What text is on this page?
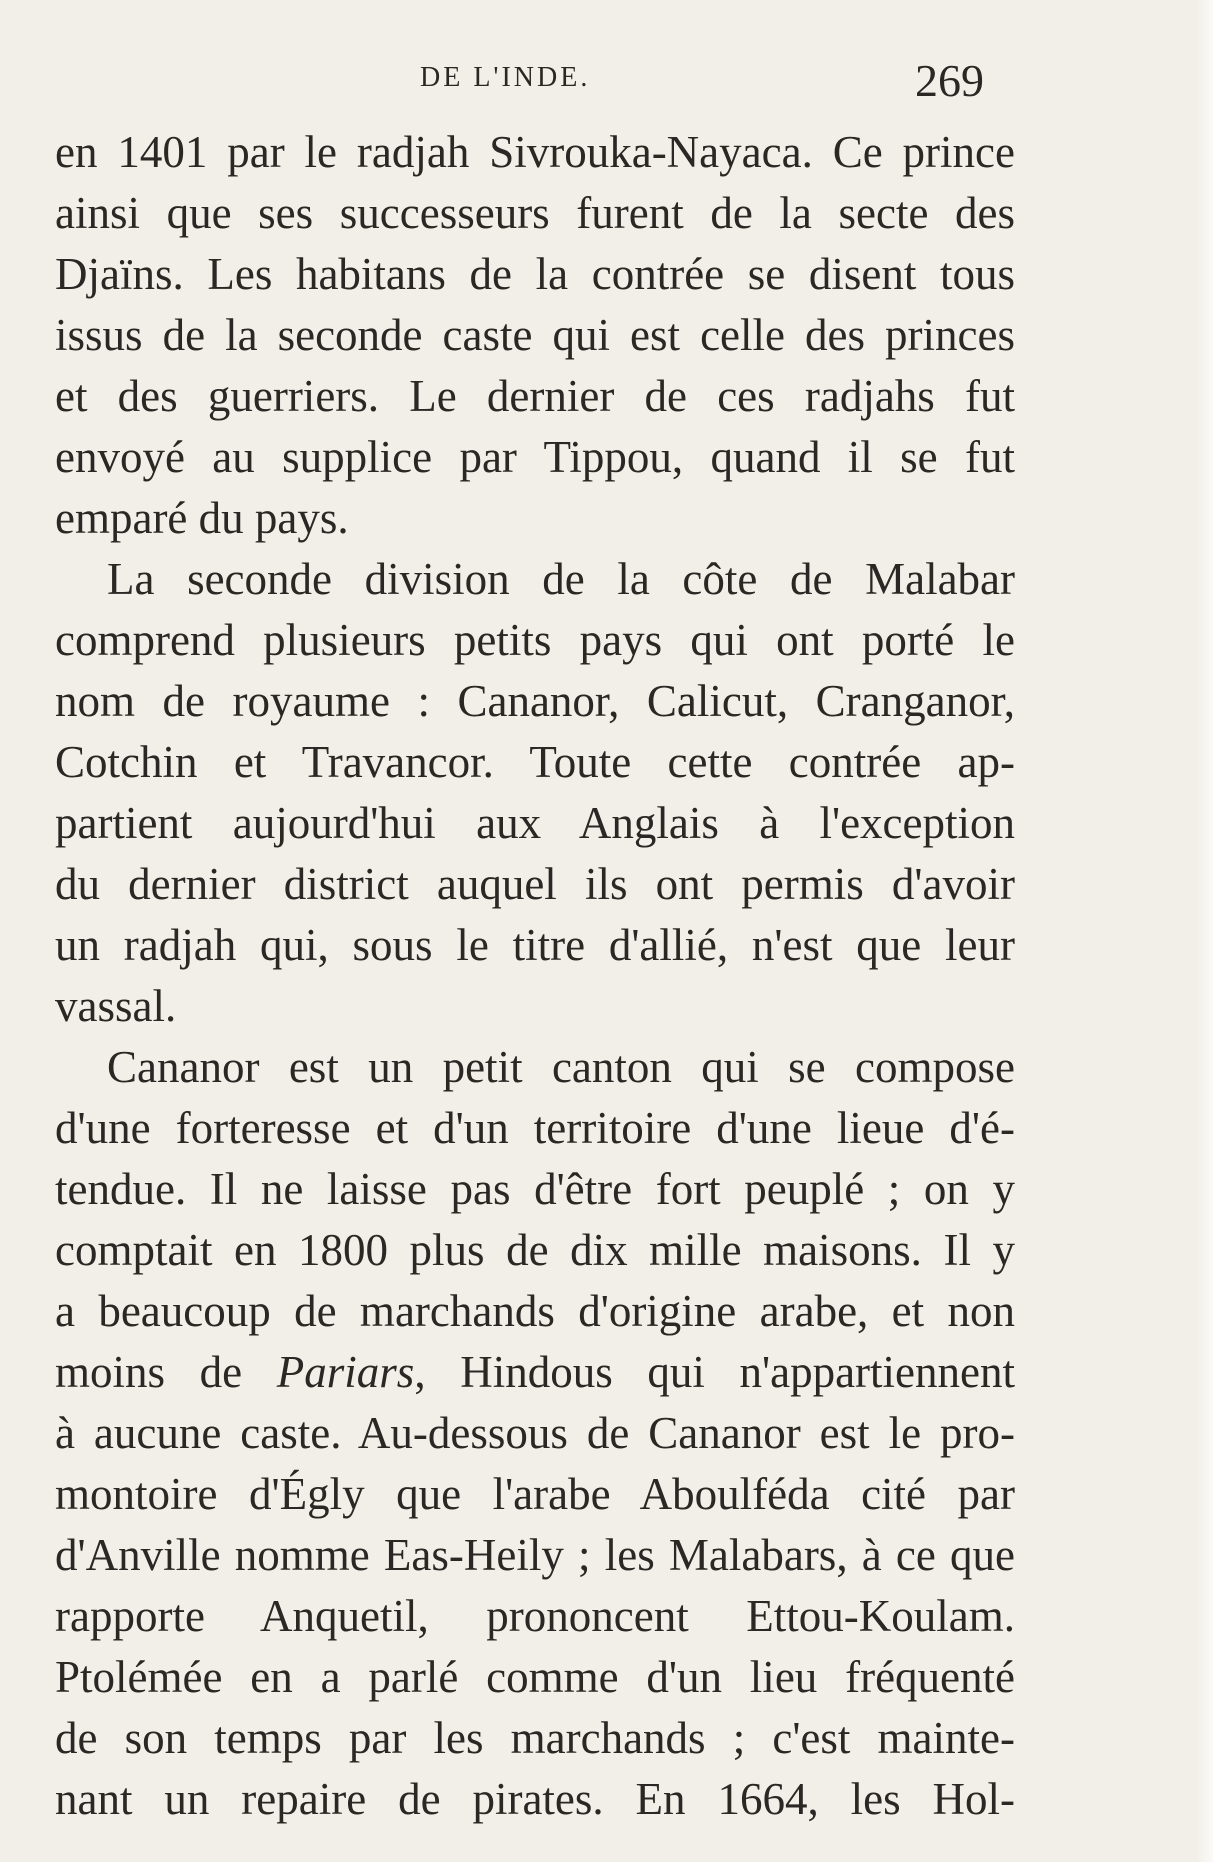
DE L'INDE.	269
en 1401 par le radjah Sivrouka-Nayaca. Ce prince
ainsi que ses successeurs furent de la secte des
Djaïns. Les habitans de la contrée se disent tous
issus de la seconde caste qui est celle des princes
et des guerriers. Le dernier de ces radjahs fut
envoyé au supplice par Tippou, quand il se fut
emparé du pays.
La seconde division de la côte de Malabar
comprend plusieurs petits pays qui ont porté le
nom de royaume : Cananor, Calicut, Cranganor,
Cotchin et Travancor. Toute cette contrée ap-
partient aujourd'hui aux Anglais à l'exception
du dernier district auquel ils ont permis d'avoir
un radjah qui, sous le titre d'allié, n'est que leur
vassal.
Cananor est un petit canton qui se compose
d'une forteresse et d'un territoire d'une lieue d'é-
tendue. Il ne laisse pas d'être fort peuplé ; on y
comptait en 1800 plus de dix mille maisons. Il y
a beaucoup de marchands d'origine arabe, et non
moins de Pariars, Hindous qui n'appartiennent
à aucune caste. Au-dessous de Cananor est le pro-
montoire d'Égly que l'arabe Aboulféda cité par
d'Anville nomme Eas-Heily ; les Malabars, à ce que
rapporte Anquetil, prononcent Ettou-Koulam.
Ptolémée en a parlé comme d'un lieu fréquenté
de son temps par les marchands ; c'est mainte-
nant un repaire de pirates. En 1664, les Hol-
